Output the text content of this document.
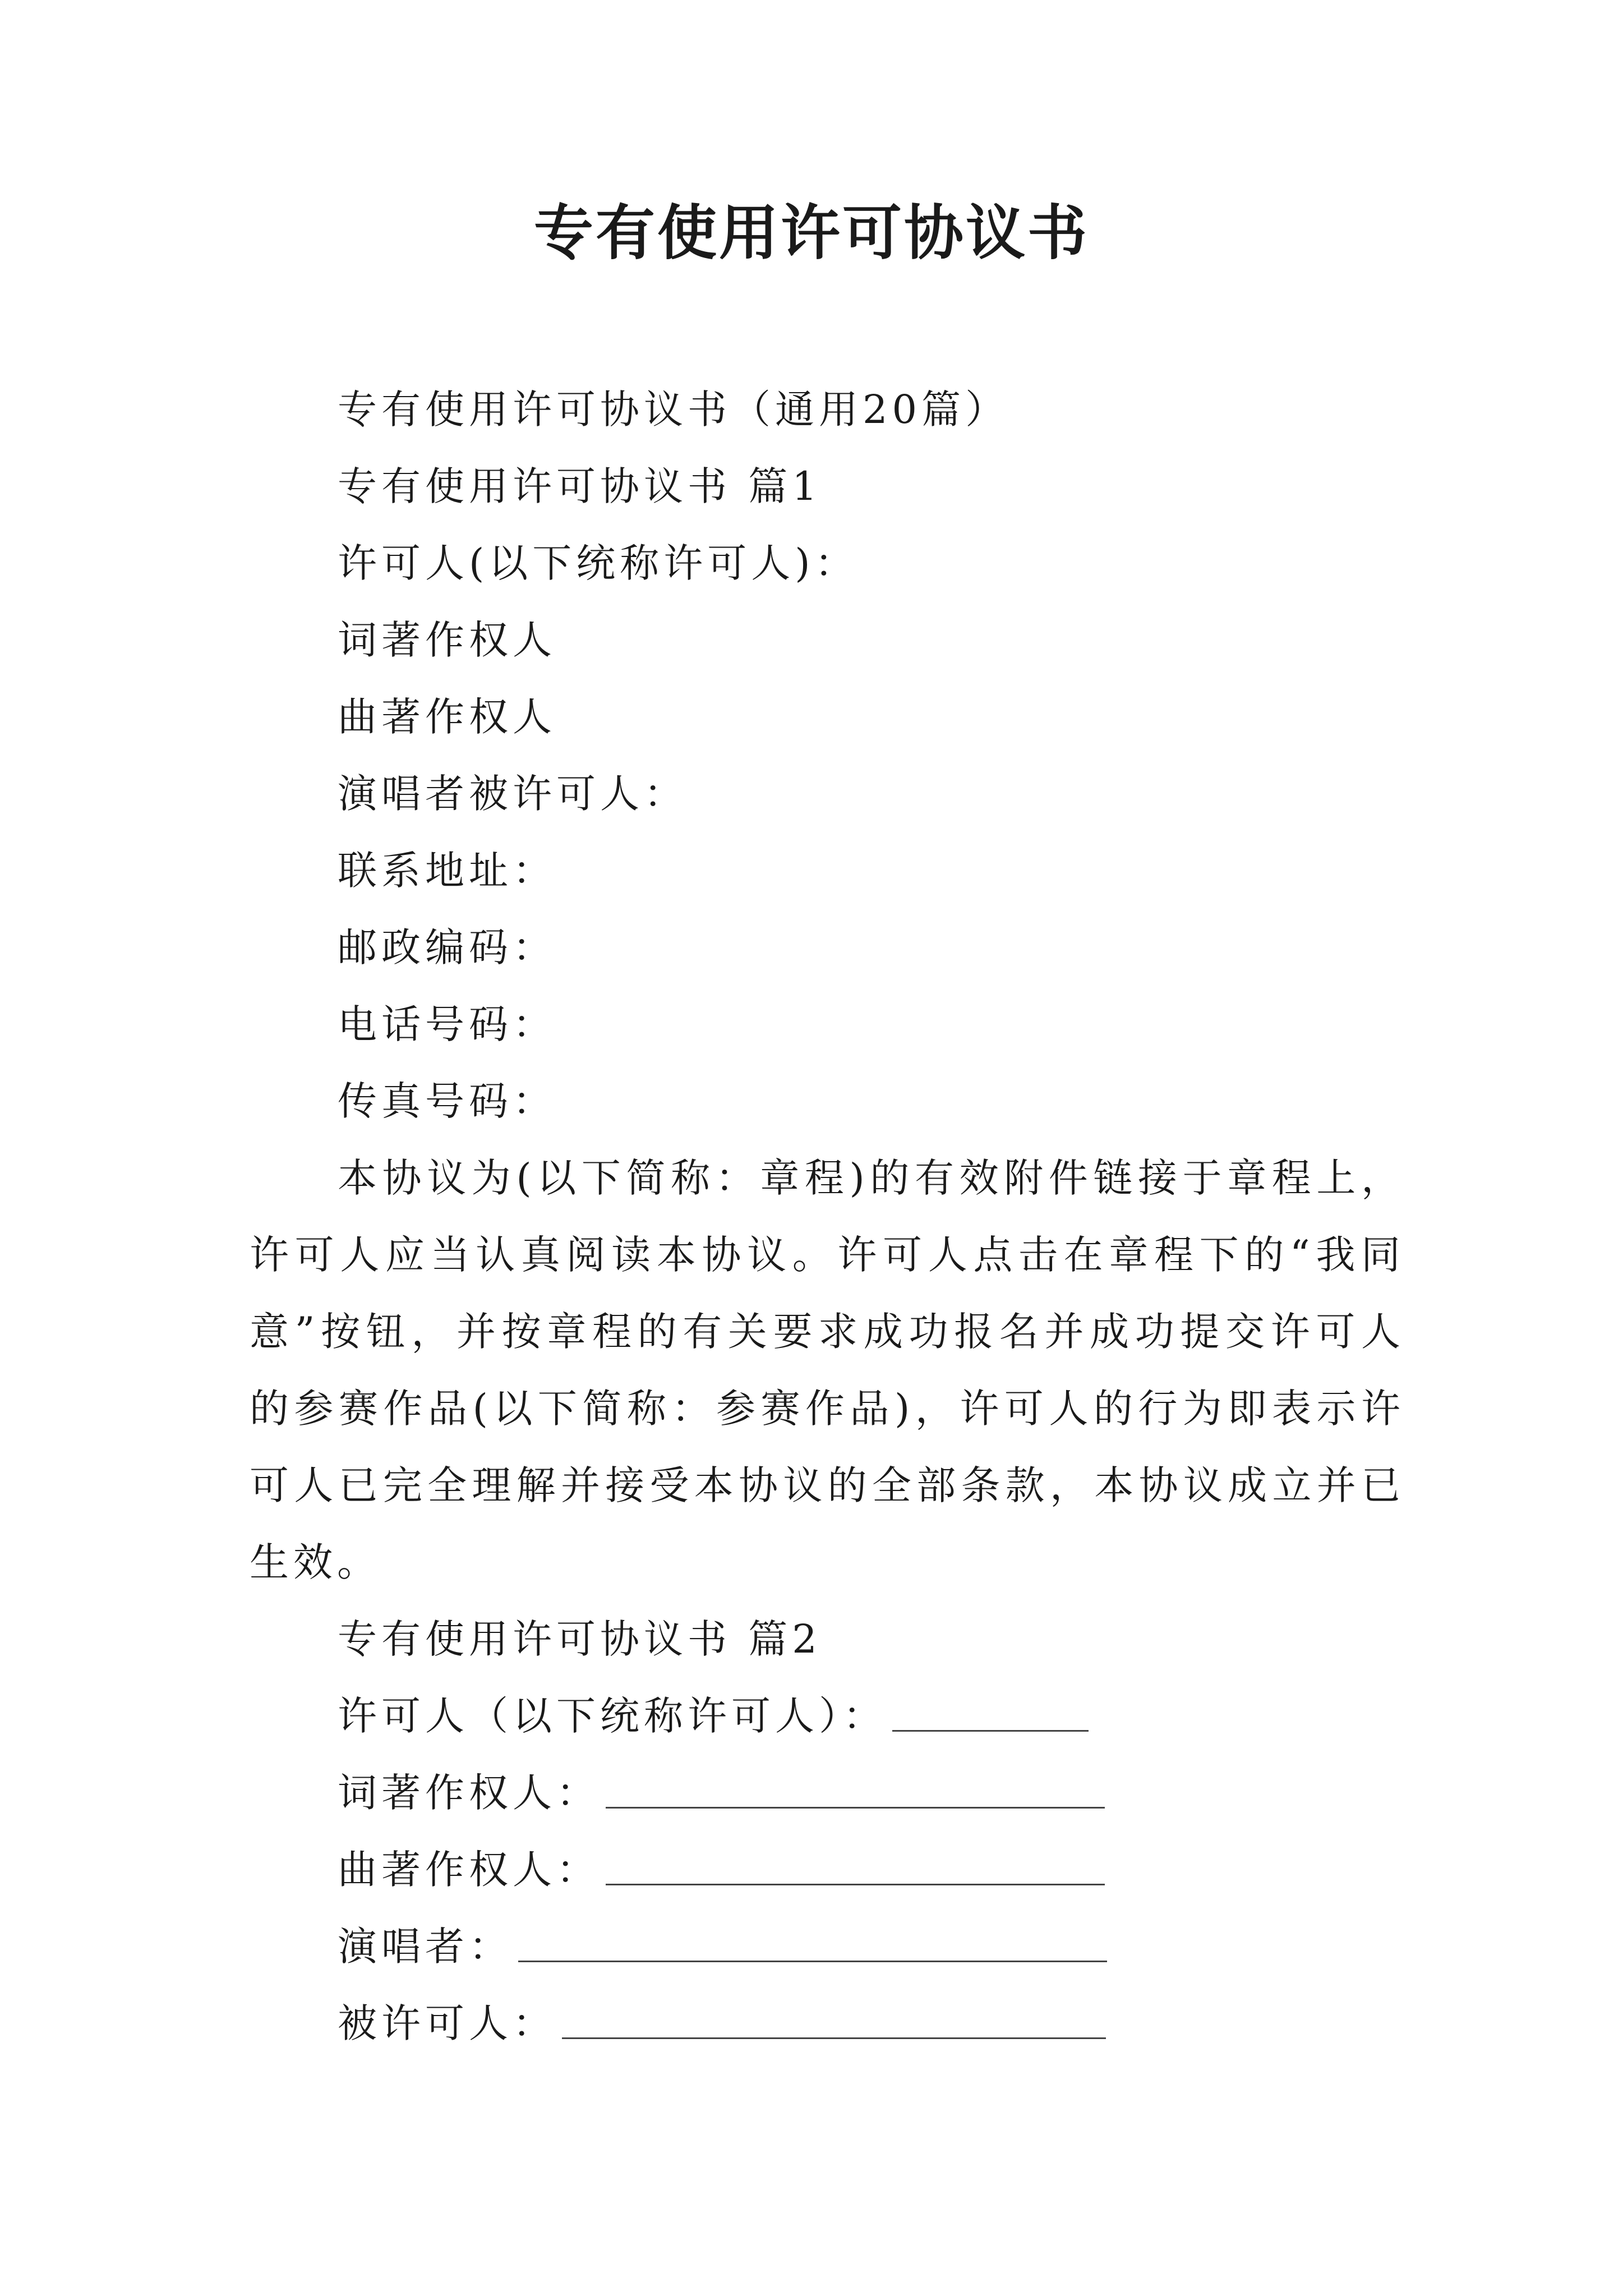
专有使用许可协议书
专有使用许可协议书（通用20篇）
专有使用许可协议书 篇1
许可人(以下统称许可人)：
词著作权人
曲著作权人
演唱者被许可人：
联系地址：
邮政编码：
电话号码：
传真号码：

本协议为(以下简称：章程)的有效附件链接于章程上，许可人应当认真阅读本协议。许可人点击在章程下的“我同意”按钮，并按章程的有关要求成功报名并成功提交许可人的参赛作品(以下简称：参赛作品)，许可人的行为即表示许可人已完全理解并接受本协议的全部条款，本协议成立并已生效。

专有使用许可协议书 篇2
许可人（以下统称许可人）：
词著作权人：
曲著作权人：
演唱者：
被许可人：
